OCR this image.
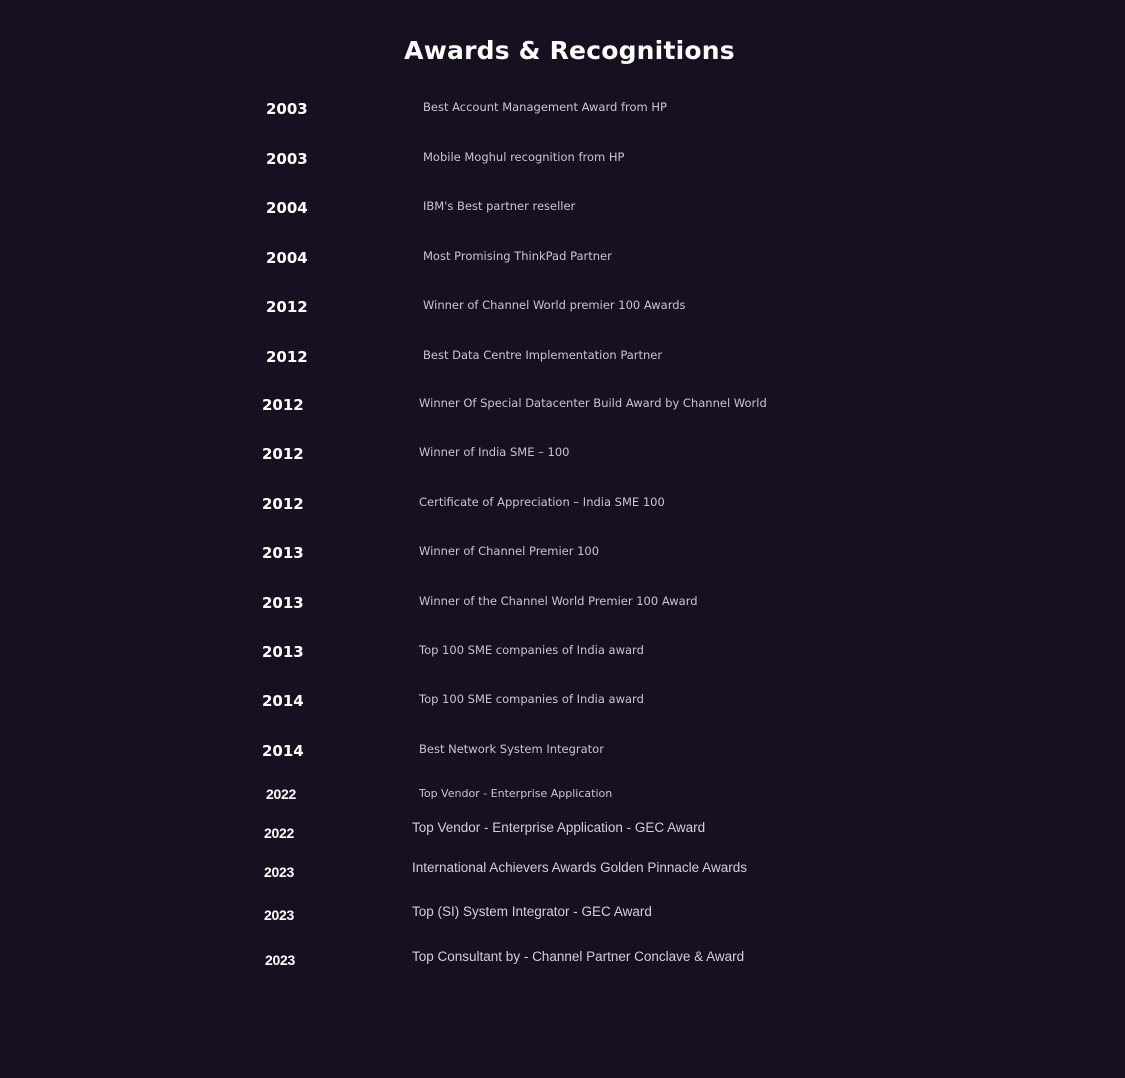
Awards & Recognitions
2003	Best Account Management Award from HP
2003	Mobile Moghul recognition from HP
2004	IBM's Best partner reseller
2004	Most Promising ThinkPad Partner
2012	Winner of Channel World premier 100 Awards
2012	Best Data Centre Implementation Partner
2012	Winner Of Special Datacenter Build Award by Channel World
2012	Winner of India SME – 100
2012	Certificate of Appreciation – India SME 100
2013	Winner of Channel Premier 100
2013	Winner of the Channel World Premier 100 Award
2013	Top 100 SME companies of India award
2014	Top 100 SME companies of India award
2014	Best Network System Integrator
2022	Top Vendor - Enterprise Application
2022	Top Vendor - Enterprise Application - GEC Award
2023	International Achievers Awards Golden Pinnacle Awards
2023	Top (SI) System Integrator - GEC Award
2023	Top Consultant by - Channel Partner Conclave & Award
